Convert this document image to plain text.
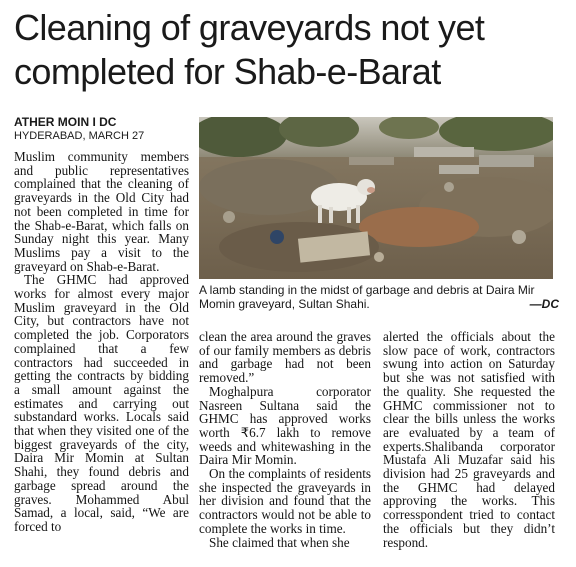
Cleaning of graveyards not yet
completed for Shab-e-Barat
ATHER MOIN I DC
HYDERABAD, MARCH 27
A lamb standing in the midst of garbage and debris at Daira Mir Momin graveyard, Sultan Shahi.	—DC

Muslim community members and public representatives complained that the cleaning of graveyards in the Old City had not been completed in time for the Shab-e-Barat, which falls on Sunday night this year. Many Muslims pay a visit to the graveyard on Shab-e-Barat.

The GHMC had approved works for almost every major Muslim graveyard in the Old City, but contractors have not completed the job. Corporators complained that a few contractors had succeeded in getting the contracts by bidding a small amount against the estimates and carrying out substandard works. Locals said that when they visited one of the biggest graveyards of the city, Daira Mir Momin at Sultan Shahi, they found debris and garbage spread around the graves. Mohammed Abul Samad, a local, said, “We are forced to

clean the area around the graves of our family members as debris and garbage had not been removed.”

Moghalpura corporator Nasreen Sultana said the GHMC has approved works worth ₹6.7 lakh to remove weeds and whitewashing in the Daira Mir Momin.

On the complaints of residents she inspected the graveyards in her division and found that the contractors would not be able to complete the works in time.

She claimed that when she

alerted the officials about the slow pace of work, contractors swung into action on Saturday but she was not satisfied with the quality. She requested the GHMC commissioner not to clear the bills unless the works are evaluated by a team of experts.Shalibanda corporator Mustafa Ali Muzafar said his division had 25 graveyards and the GHMC had delayed approving the works. This corresspondent tried to contact the officials but they didn’t respond.
